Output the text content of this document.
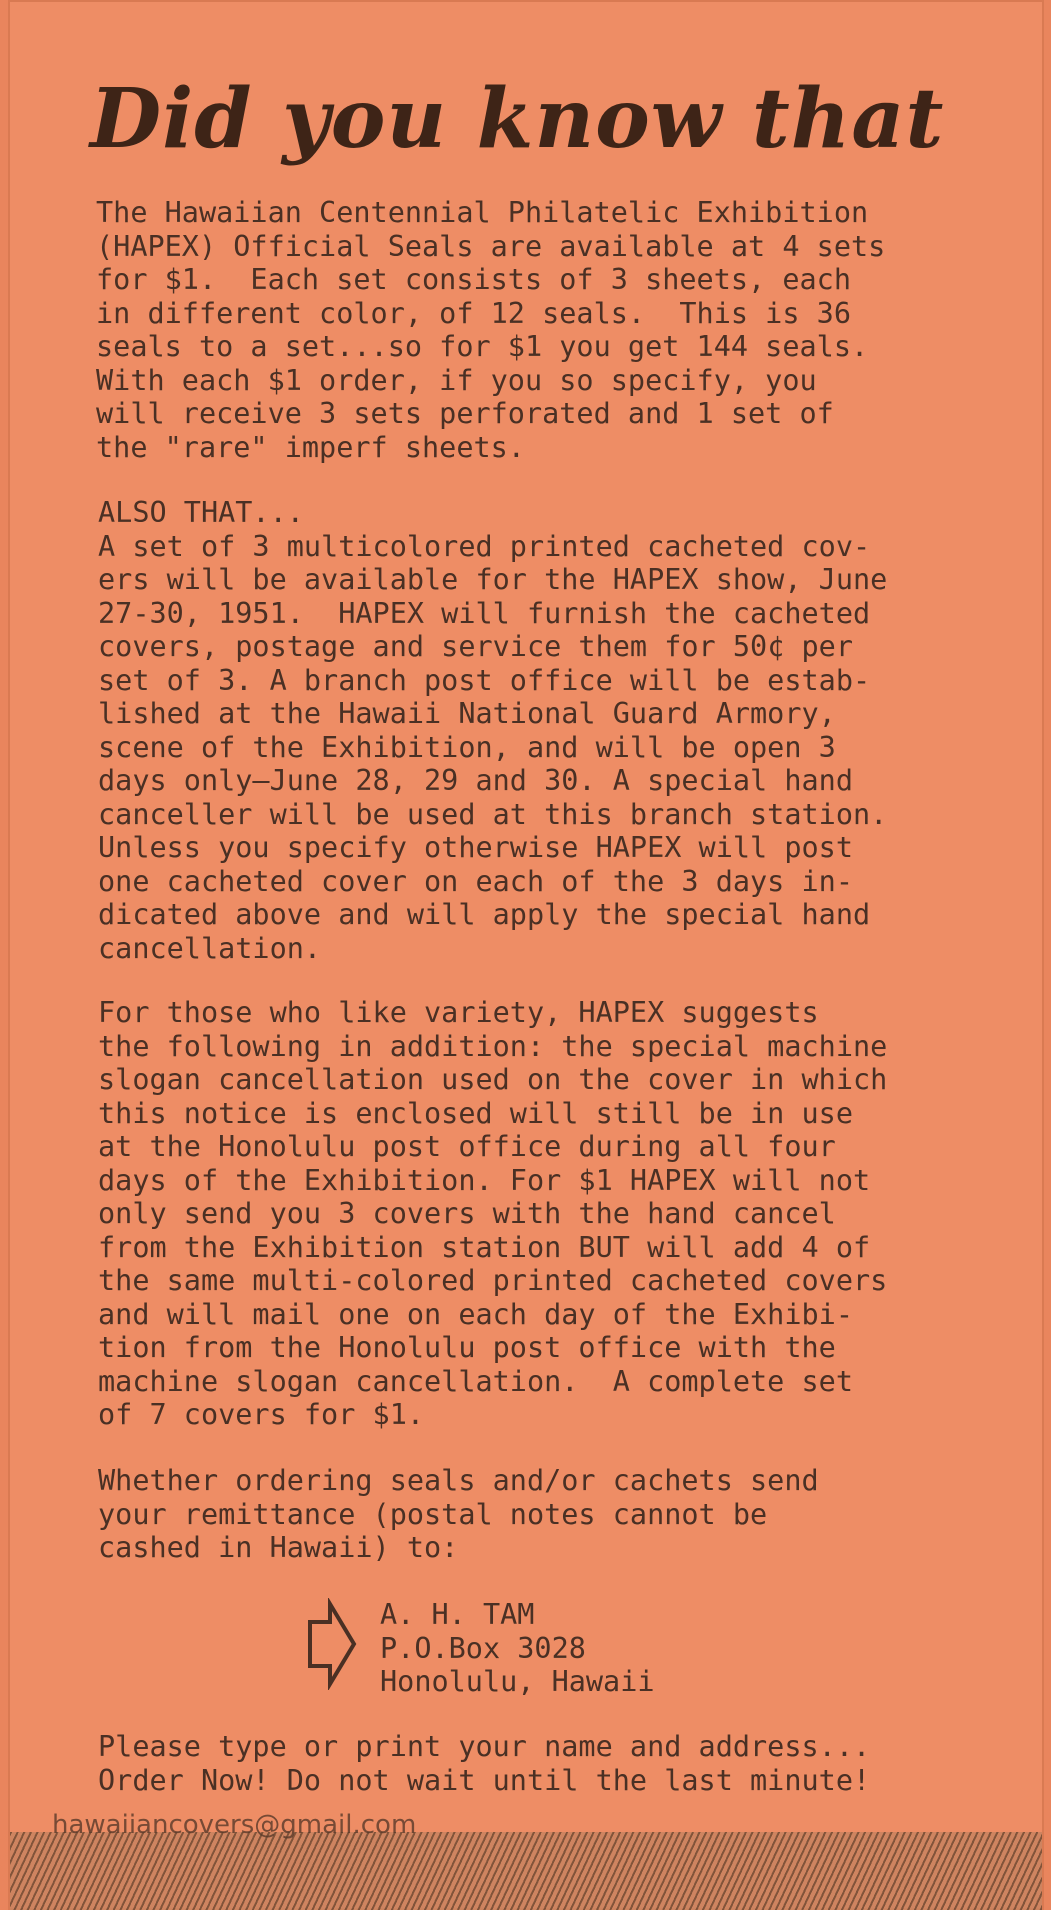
Did you know that
The Hawaiian Centennial Philatelic Exhibition
(HAPEX) Official Seals are available at 4 sets
for $1.  Each set consists of 3 sheets, each
in different color, of 12 seals.  This is 36
seals to a set...so for $1 you get 144 seals.
With each $1 order, if you so specify, you
will receive 3 sets perforated and 1 set of
the "rare" imperf sheets.
ALSO THAT...
A set of 3 multicolored printed cacheted cov-
ers will be available for the HAPEX show, June
27-30, 1951.  HAPEX will furnish the cacheted
covers, postage and service them for 50¢ per
set of 3. A branch post office will be estab-
lished at the Hawaii National Guard Armory,
scene of the Exhibition, and will be open 3
days only—June 28, 29 and 30. A special hand
canceller will be used at this branch station.
Unless you specify otherwise HAPEX will post
one cacheted cover on each of the 3 days in-
dicated above and will apply the special hand
cancellation.
For those who like variety, HAPEX suggests
the following in addition: the special machine
slogan cancellation used on the cover in which
this notice is enclosed will still be in use
at the Honolulu post office during all four
days of the Exhibition. For $1 HAPEX will not
only send you 3 covers with the hand cancel
from the Exhibition station BUT will add 4 of
the same multi-colored printed cacheted covers
and will mail one on each day of the Exhibi-
tion from the Honolulu post office with the
machine slogan cancellation.  A complete set
of 7 covers for $1.
Whether ordering seals and/or cachets send
your remittance (postal notes cannot be
cashed in Hawaii) to:
A. H. TAM
P.O.Box 3028
Honolulu, Hawaii
Please type or print your name and address...
Order Now! Do not wait until the last minute!
hawaiiancovers@gmail.com
